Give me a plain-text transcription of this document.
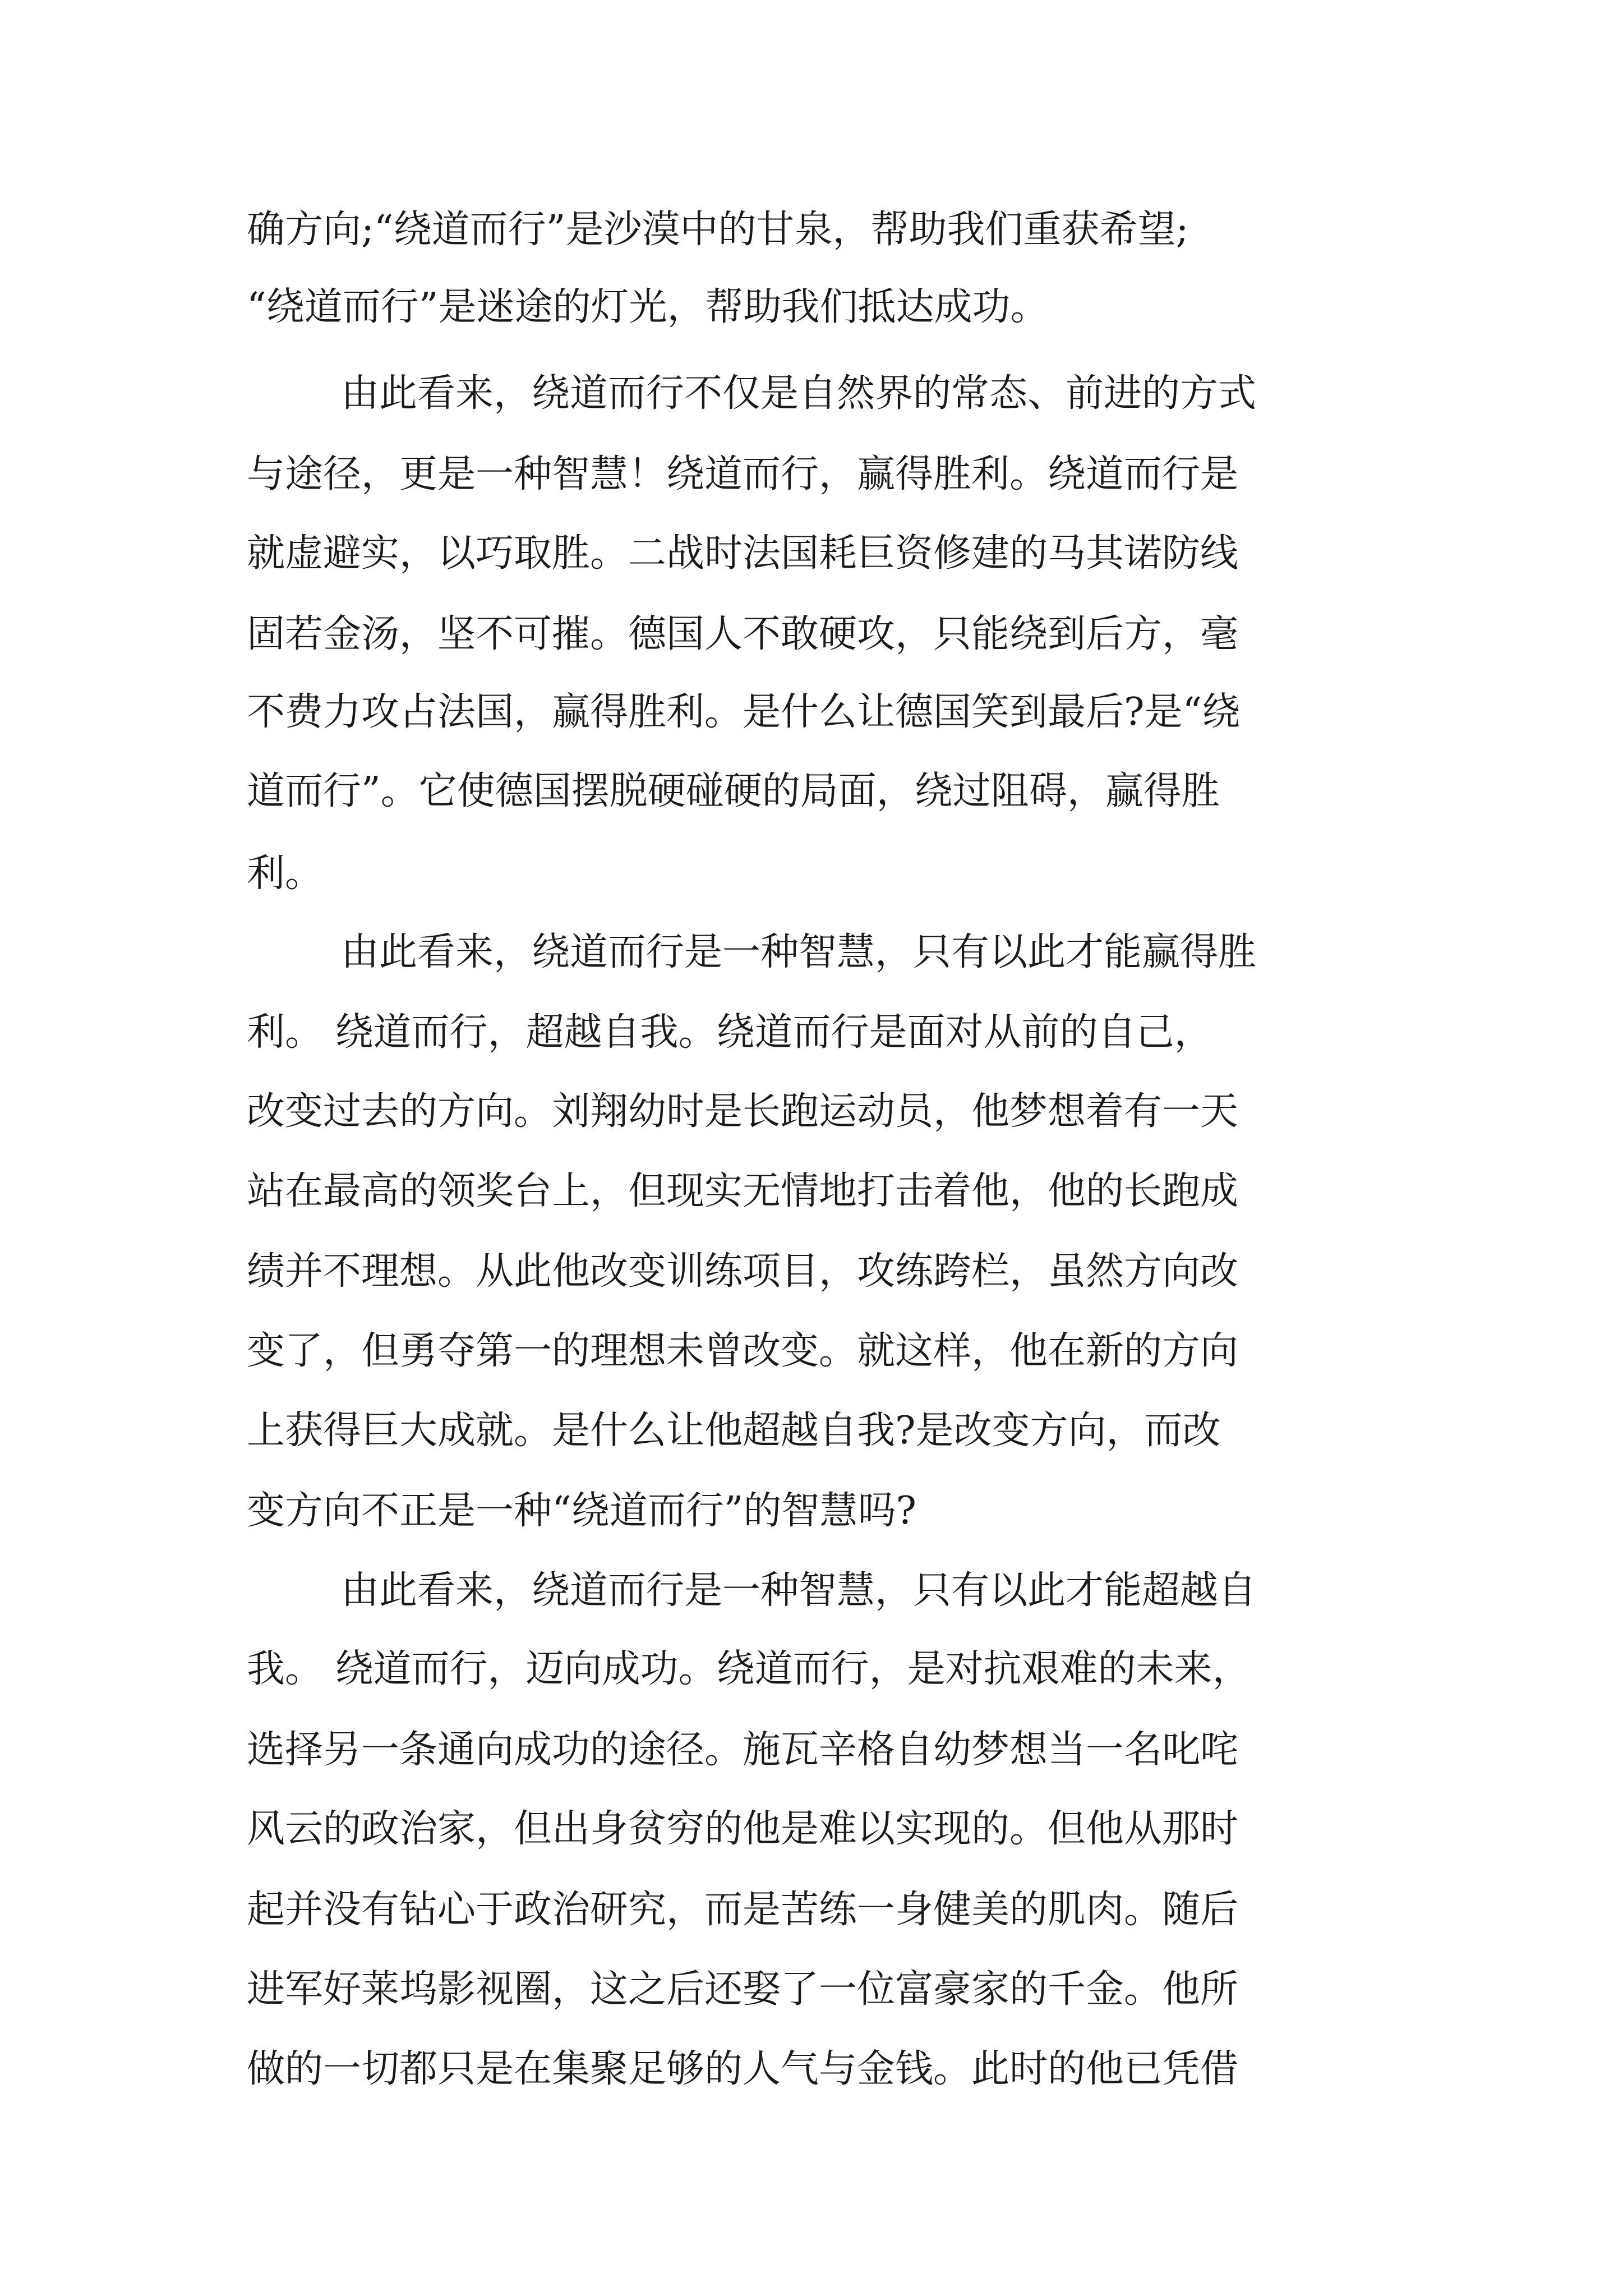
确方向;“绕道而行”是沙漠中的甘泉，帮助我们重获希望;
“绕道而行”是迷途的灯光，帮助我们抵达成功。
由此看来，绕道而行不仅是自然界的常态、前进的方式
与途径，更是一种智慧！绕道而行，赢得胜利。绕道而行是
就虚避实，以巧取胜。二战时法国耗巨资修建的马其诺防线
固若金汤，坚不可摧。德国人不敢硬攻，只能绕到后方，毫
不费力攻占法国，赢得胜利。是什么让德国笑到最后?是“绕
道而行”。它使德国摆脱硬碰硬的局面，绕过阻碍，赢得胜
利。
由此看来，绕道而行是一种智慧，只有以此才能赢得胜
利。 绕道而行，超越自我。绕道而行是面对从前的自己，
改变过去的方向。刘翔幼时是长跑运动员，他梦想着有一天
站在最高的领奖台上，但现实无情地打击着他，他的长跑成
绩并不理想。从此他改变训练项目，攻练跨栏，虽然方向改
变了，但勇夺第一的理想未曾改变。就这样，他在新的方向
上获得巨大成就。是什么让他超越自我?是改变方向，而改
变方向不正是一种“绕道而行”的智慧吗?
由此看来，绕道而行是一种智慧，只有以此才能超越自
我。 绕道而行，迈向成功。绕道而行，是对抗艰难的未来，
选择另一条通向成功的途径。施瓦辛格自幼梦想当一名叱咤
风云的政治家，但出身贫穷的他是难以实现的。但他从那时
起并没有钻心于政治研究，而是苦练一身健美的肌肉。随后
进军好莱坞影视圈，这之后还娶了一位富豪家的千金。他所
做的一切都只是在集聚足够的人气与金钱。此时的他已凭借
